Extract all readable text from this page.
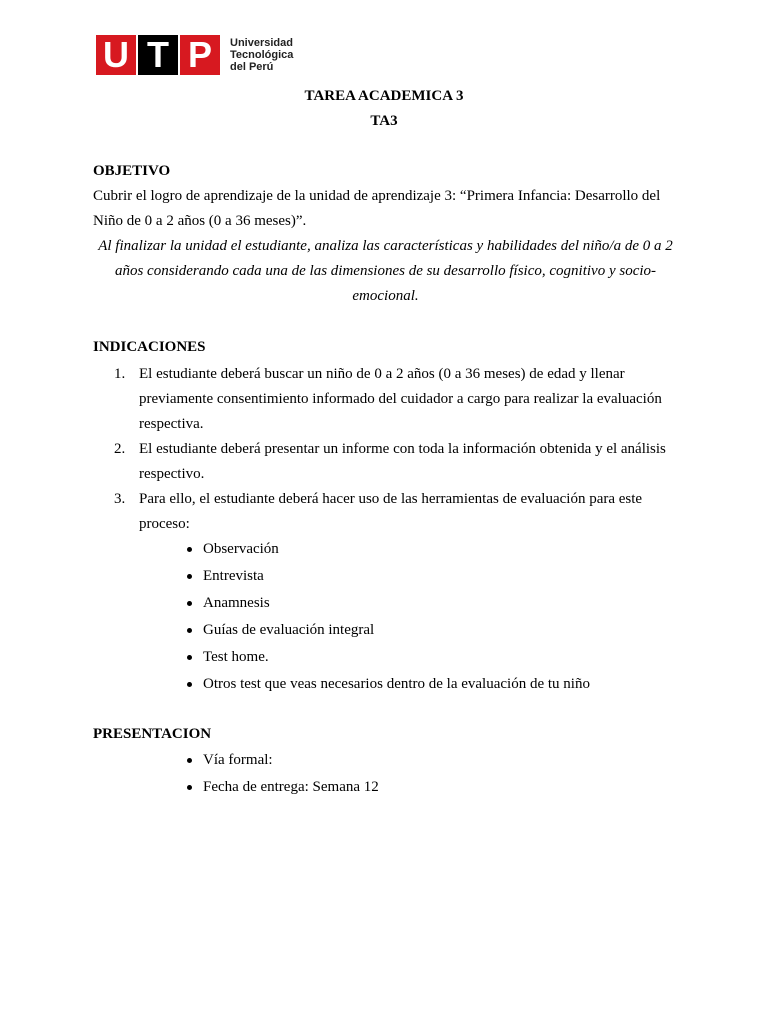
U T P	Universidad
Tecnológica
del Perú
TAREA ACADEMICA 3
TA3
OBJETIVO
Cubrir el logro de aprendizaje de la unidad de aprendizaje 3: “Primera Infancia: Desarrollo del Niño de 0 a 2 años (0 a 36 meses)”.
Al finalizar la unidad el estudiante, analiza las características y habilidades del niño/a de 0 a 2 años considerando cada una de las dimensiones de su desarrollo físico, cognitivo y socio-emocional.
INDICACIONES
1. El estudiante deberá buscar un niño de 0 a 2 años (0 a 36 meses) de edad y llenar previamente consentimiento informado del cuidador a cargo para realizar la evaluación respectiva.
2. El estudiante deberá presentar un informe con toda la información obtenida y el análisis respectivo.
3. Para ello, el estudiante deberá hacer uso de las herramientas de evaluación para este proceso:
Observación
Entrevista
Anamnesis
Guías de evaluación integral
Test home.
Otros test que veas necesarios dentro de la evaluación de tu niño
PRESENTACION
Vía formal:
Fecha de entrega: Semana 12
